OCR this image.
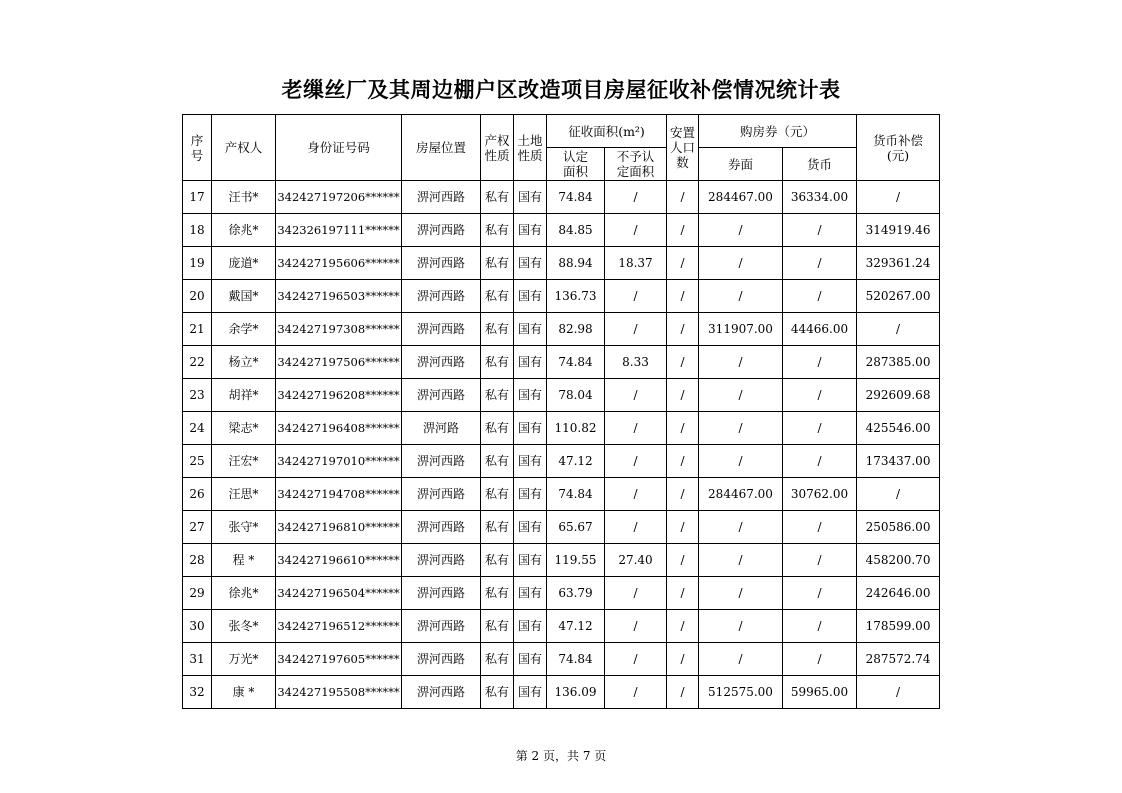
老缫丝厂及其周边棚户区改造项目房屋征收补偿情况统计表
序号	产权人	身份证号码	房屋位置	产权性质	土地性质	征收面积(m²)		安置人口数	购房券（元）		货币补偿(元)
						认定面积	不予认定面积		券面	货币	
17	汪书*	342427197206******	淠河西路	私有	国有	74.84	/	/	284467.00	36334.00	/
18	徐兆*	342326197111******	淠河西路	私有	国有	84.85	/	/	/	/	314919.46
19	庞道*	342427195606******	淠河西路	私有	国有	88.94	18.37	/	/	/	329361.24
20	戴国*	342427196503******	淠河西路	私有	国有	136.73	/	/	/	/	520267.00
21	余学*	342427197308******	淠河西路	私有	国有	82.98	/	/	311907.00	44466.00	/
22	杨立*	342427197506******	淠河西路	私有	国有	74.84	8.33	/	/	/	287385.00
23	胡祥*	342427196208******	淠河西路	私有	国有	78.04	/	/	/	/	292609.68
24	梁志*	342427196408******	淠河路	私有	国有	110.82	/	/	/	/	425546.00
25	汪宏*	342427197010******	淠河西路	私有	国有	47.12	/	/	/	/	173437.00
26	汪思*	342427194708******	淠河西路	私有	国有	74.84	/	/	284467.00	30762.00	/
27	张守*	342427196810******	淠河西路	私有	国有	65.67	/	/	/	/	250586.00
28	程 *	342427196610******	淠河西路	私有	国有	119.55	27.40	/	/	/	458200.70
29	徐兆*	342427196504******	淠河西路	私有	国有	63.79	/	/	/	/	242646.00
30	张冬*	342427196512******	淠河西路	私有	国有	47.12	/	/	/	/	178599.00
31	万光*	342427197605******	淠河西路	私有	国有	74.84	/	/	/	/	287572.74
32	康 *	342427195508******	淠河西路	私有	国有	136.09	/	/	512575.00	59965.00	/
第 2 页，共 7 页
